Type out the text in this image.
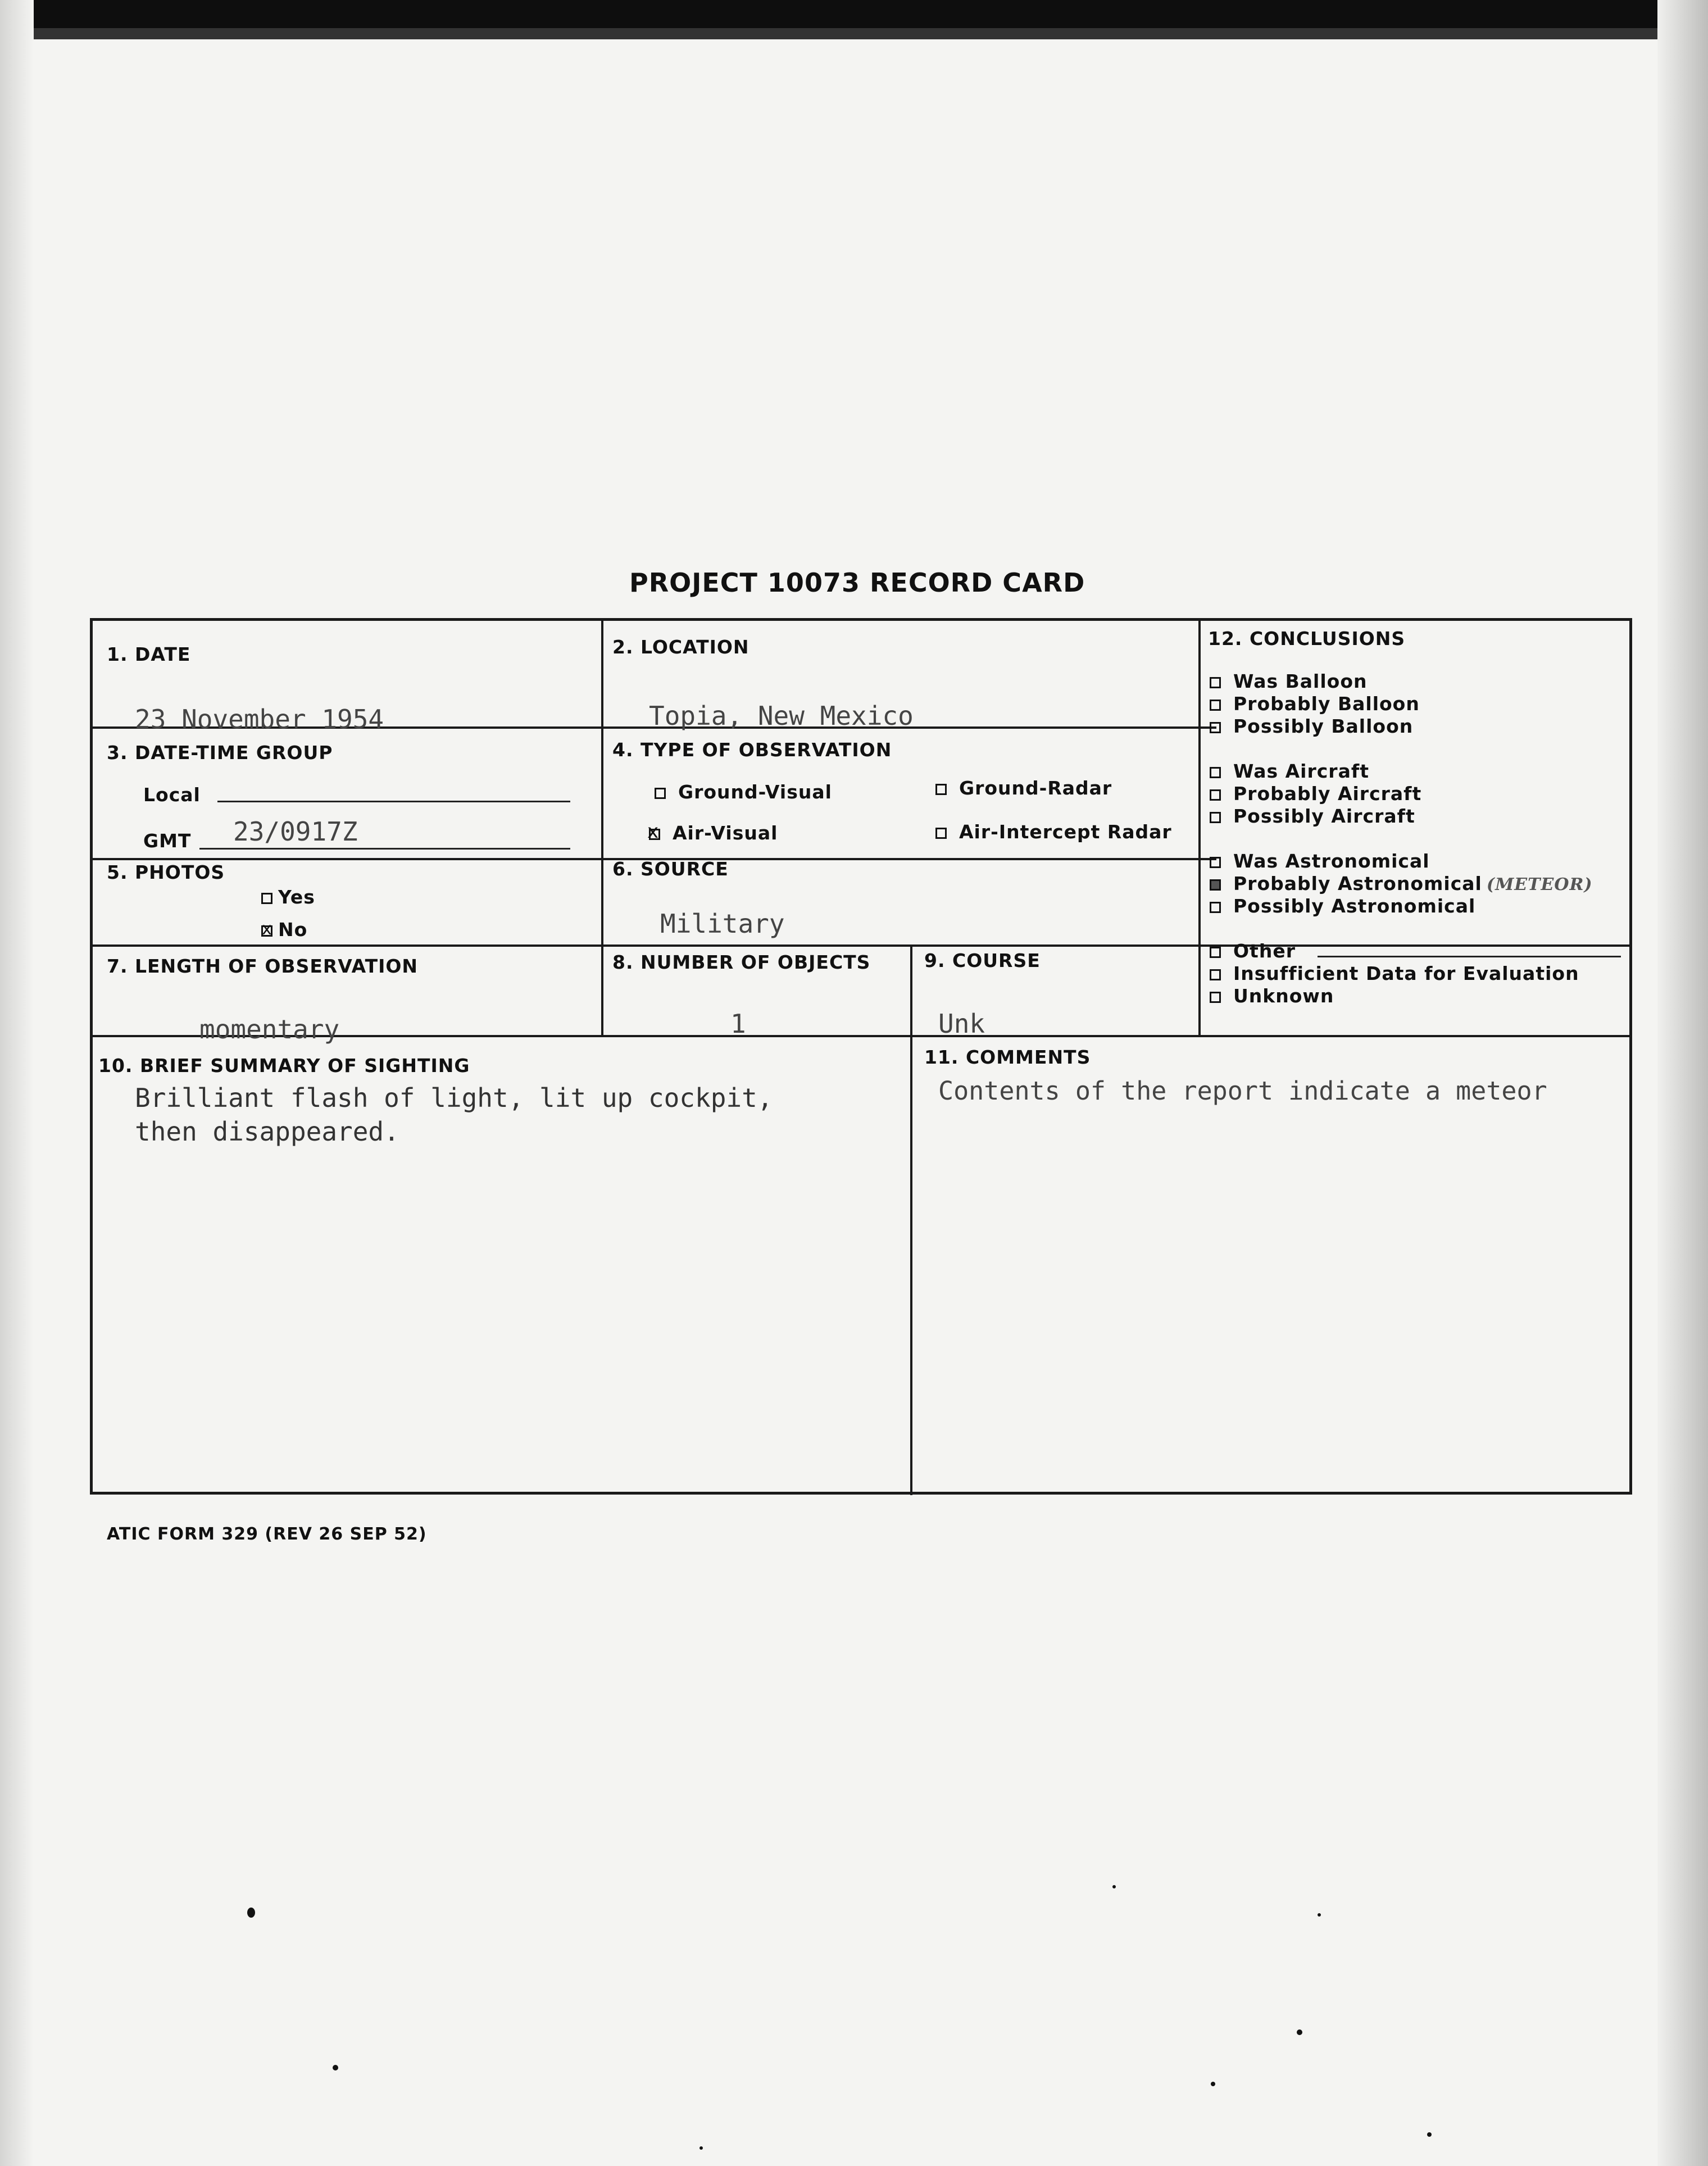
PROJECT 10073 RECORD CARD
1. DATE
23 November 1954
2. LOCATION
Topia, New Mexico
3. DATE-TIME GROUP
Local
GMT 23/0917Z
4. TYPE OF OBSERVATION
Ground-Visual	Ground-Radar
x Air-Visual	Air-Intercept Radar
5. PHOTOS
Yes
x No
6. SOURCE
Military
7. LENGTH OF OBSERVATION
momentary
8. NUMBER OF OBJECTS
1
9. COURSE
Unk
10. BRIEF SUMMARY OF SIGHTING
Brilliant flash of light, lit up cockpit,
then disappeared.
11. COMMENTS
Contents of the report indicate a meteor
12. CONCLUSIONS
Was Balloon
Probably Balloon
Possibly Balloon
Was Aircraft
Probably Aircraft
Possibly Aircraft
Was Astronomical
Probably Astronomical (METEOR)
Possibly Astronomical
Other
Insufficient Data for Evaluation
Unknown
ATIC FORM 329 (REV 26 SEP 52)
